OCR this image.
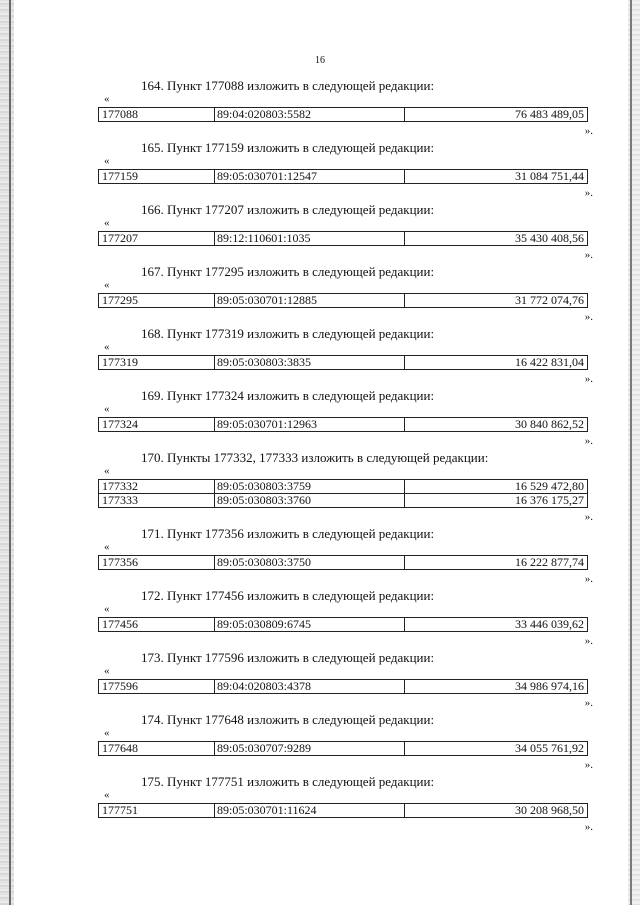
16
164. Пункт 177088 изложить в следующей редакции:
«
177088	89:04:020803:5582	76 483 489,05
».
165. Пункт 177159 изложить в следующей редакции:
«
177159	89:05:030701:12547	31 084 751,44
».
166. Пункт 177207 изложить в следующей редакции:
«
177207	89:12:110601:1035	35 430 408,56
».
167. Пункт 177295 изложить в следующей редакции:
«
177295	89:05:030701:12885	31 772 074,76
».
168. Пункт 177319 изложить в следующей редакции:
«
177319	89:05:030803:3835	16 422 831,04
».
169. Пункт 177324 изложить в следующей редакции:
«
177324	89:05:030701:12963	30 840 862,52
».
170. Пункты 177332, 177333 изложить в следующей редакции:
«
177332	89:05:030803:3759	16 529 472,80
177333	89:05:030803:3760	16 376 175,27
».
171. Пункт 177356 изложить в следующей редакции:
«
177356	89:05:030803:3750	16 222 877,74
».
172. Пункт 177456 изложить в следующей редакции:
«
177456	89:05:030809:6745	33 446 039,62
».
173. Пункт 177596 изложить в следующей редакции:
«
177596	89:04:020803:4378	34 986 974,16
».
174. Пункт 177648 изложить в следующей редакции:
«
177648	89:05:030707:9289	34 055 761,92
».
175. Пункт 177751 изложить в следующей редакции:
«
177751	89:05:030701:11624	30 208 968,50
».
